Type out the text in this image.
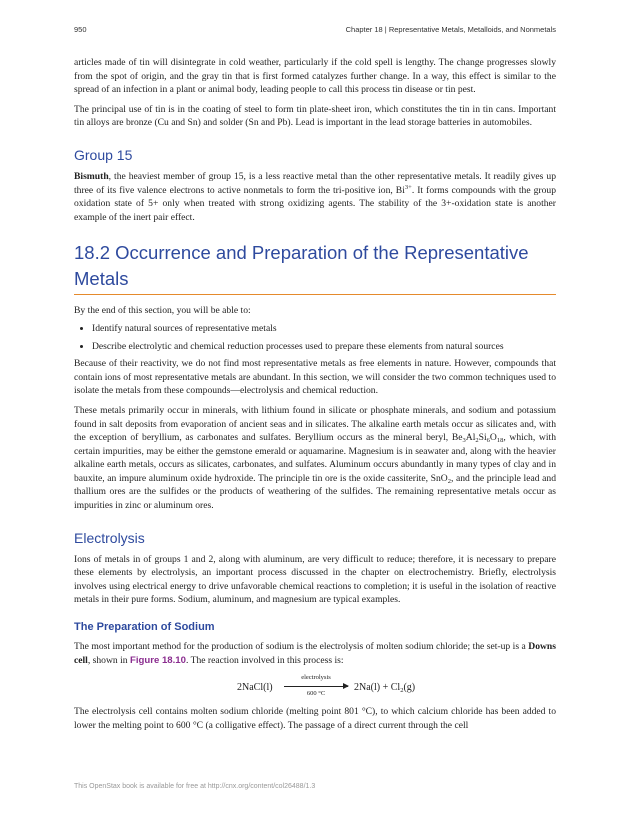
950	Chapter 18 | Representative Metals, Metalloids, and Nonmetals

articles made of tin will disintegrate in cold weather, particularly if the cold spell is lengthy. The change progresses slowly from the spot of origin, and the gray tin that is first formed catalyzes further change. In a way, this effect is similar to the spread of an infection in a plant or animal body, leading people to call this process tin disease or tin pest.

The principal use of tin is in the coating of steel to form tin plate-sheet iron, which constitutes the tin in tin cans. Important tin alloys are bronze (Cu and Sn) and solder (Sn and Pb). Lead is important in the lead storage batteries in automobiles.

Group 15

Bismuth, the heaviest member of group 15, is a less reactive metal than the other representative metals. It readily gives up three of its five valence electrons to active nonmetals to form the tri-positive ion, $Bi^{3+}$. It forms compounds with the group oxidation state of 5+ only when treated with strong oxidizing agents. The stability of the 3+-oxidation state is another example of the inert pair effect.

18.2 Occurrence and Preparation of the Representative Metals

By the end of this section, you will be able to:

• Identify natural sources of representative metals
• Describe electrolytic and chemical reduction processes used to prepare these elements from natural sources

Because of their reactivity, we do not find most representative metals as free elements in nature. However, compounds that contain ions of most representative metals are abundant. In this section, we will consider the two common techniques used to isolate the metals from these compounds—electrolysis and chemical reduction.

These metals primarily occur in minerals, with lithium found in silicate or phosphate minerals, and sodium and potassium found in salt deposits from evaporation of ancient seas and in silicates. The alkaline earth metals occur as silicates and, with the exception of beryllium, as carbonates and sulfates. Beryllium occurs as the mineral beryl, $Be_3Al_2Si_6O_{18}$, which, with certain impurities, may be either the gemstone emerald or aquamarine. Magnesium is in seawater and, along with the heavier alkaline earth metals, occurs as silicates, carbonates, and sulfates. Aluminum occurs abundantly in many types of clay and in bauxite, an impure aluminum oxide hydroxide. The principle tin ore is the oxide cassiterite, SnO$_2$, and the principle lead and thallium ores are the sulfides or the products of weathering of the sulfides. The remaining representative metals occur as impurities in zinc or aluminum ores.

Electrolysis

Ions of metals in of groups 1 and 2, along with aluminum, are very difficult to reduce; therefore, it is necessary to prepare these elements by electrolysis, an important process discussed in the chapter on electrochemistry. Briefly, electrolysis involves using electrical energy to drive unfavorable chemical reactions to completion; it is useful in the isolation of reactive metals in their pure forms. Sodium, aluminum, and magnesium are typical examples.

The Preparation of Sodium

The most important method for the production of sodium is the electrolysis of molten sodium chloride; the set-up is a Downs cell, shown in Figure 18.10. The reaction involved in this process is:

2NaCl(l)
electrolysis
600 °C
$2Na(l) + Cl_2(g)$

The electrolysis cell contains molten sodium chloride (melting point 801 °C), to which calcium chloride has been added to lower the melting point to 600 °C (a colligative effect). The passage of a direct current through the cell

This OpenStax book is available for free at http://cnx.org/content/col26488/1.3
